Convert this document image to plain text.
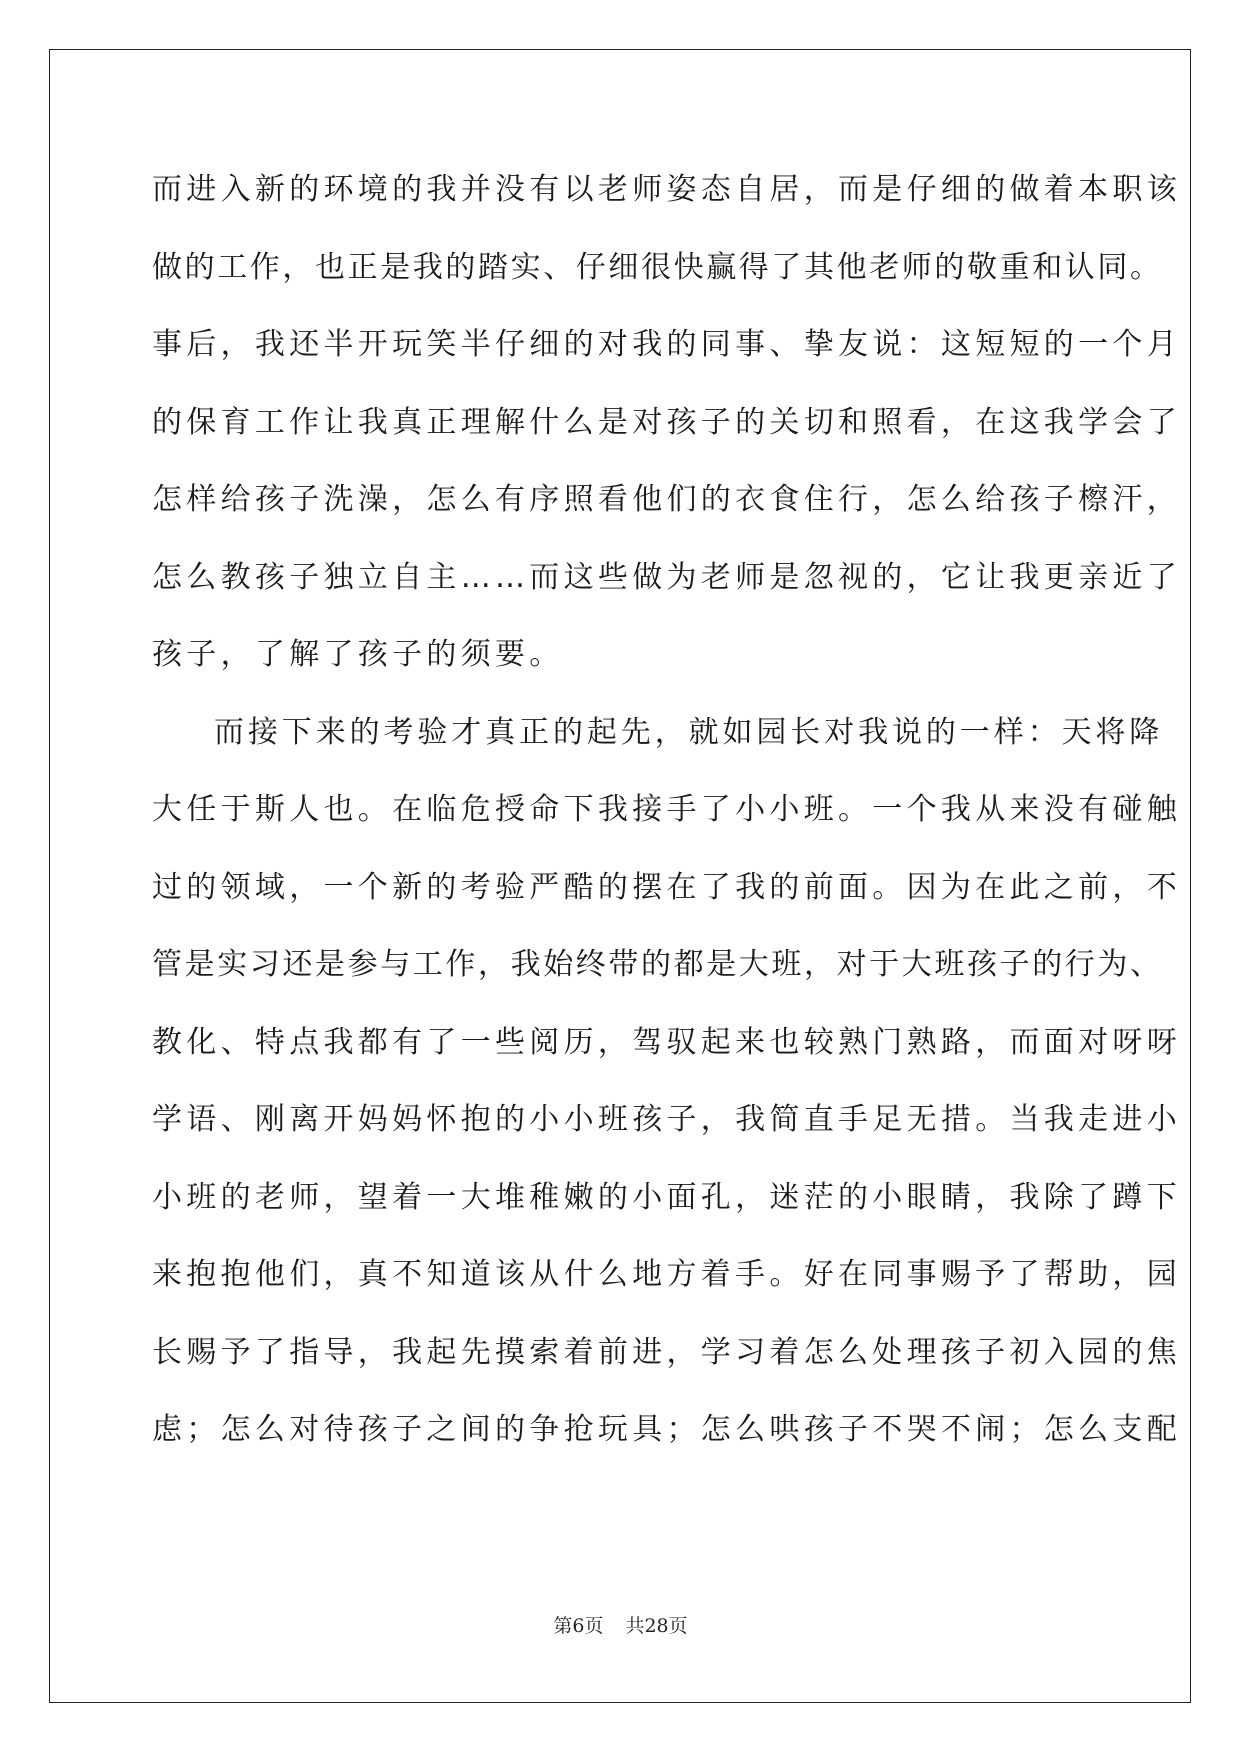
而进入新的环境的我并没有以老师姿态自居，而是仔细的做着本职该
做的工作，也正是我的踏实、仔细很快赢得了其他老师的敬重和认同。
事后，我还半开玩笑半仔细的对我的同事、挚友说：这短短的一个月
的保育工作让我真正理解什么是对孩子的关切和照看，在这我学会了
怎样给孩子洗澡，怎么有序照看他们的衣食住行，怎么给孩子檫汗，
怎么教孩子独立自主……而这些做为老师是忽视的，它让我更亲近了
孩子，了解了孩子的须要。
而接下来的考验才真正的起先，就如园长对我说的一样：天将降
大任于斯人也。在临危授命下我接手了小小班。一个我从来没有碰触
过的领域，一个新的考验严酷的摆在了我的前面。因为在此之前，不
管是实习还是参与工作，我始终带的都是大班，对于大班孩子的行为、
教化、特点我都有了一些阅历，驾驭起来也较熟门熟路，而面对呀呀
学语、刚离开妈妈怀抱的小小班孩子，我简直手足无措。当我走进小
小班的老师，望着一大堆稚嫩的小面孔，迷茫的小眼睛，我除了蹲下
来抱抱他们，真不知道该从什么地方着手。好在同事赐予了帮助，园
长赐予了指导，我起先摸索着前进，学习着怎么处理孩子初入园的焦
虑；怎么对待孩子之间的争抢玩具；怎么哄孩子不哭不闹；怎么支配
第6页 共28页
